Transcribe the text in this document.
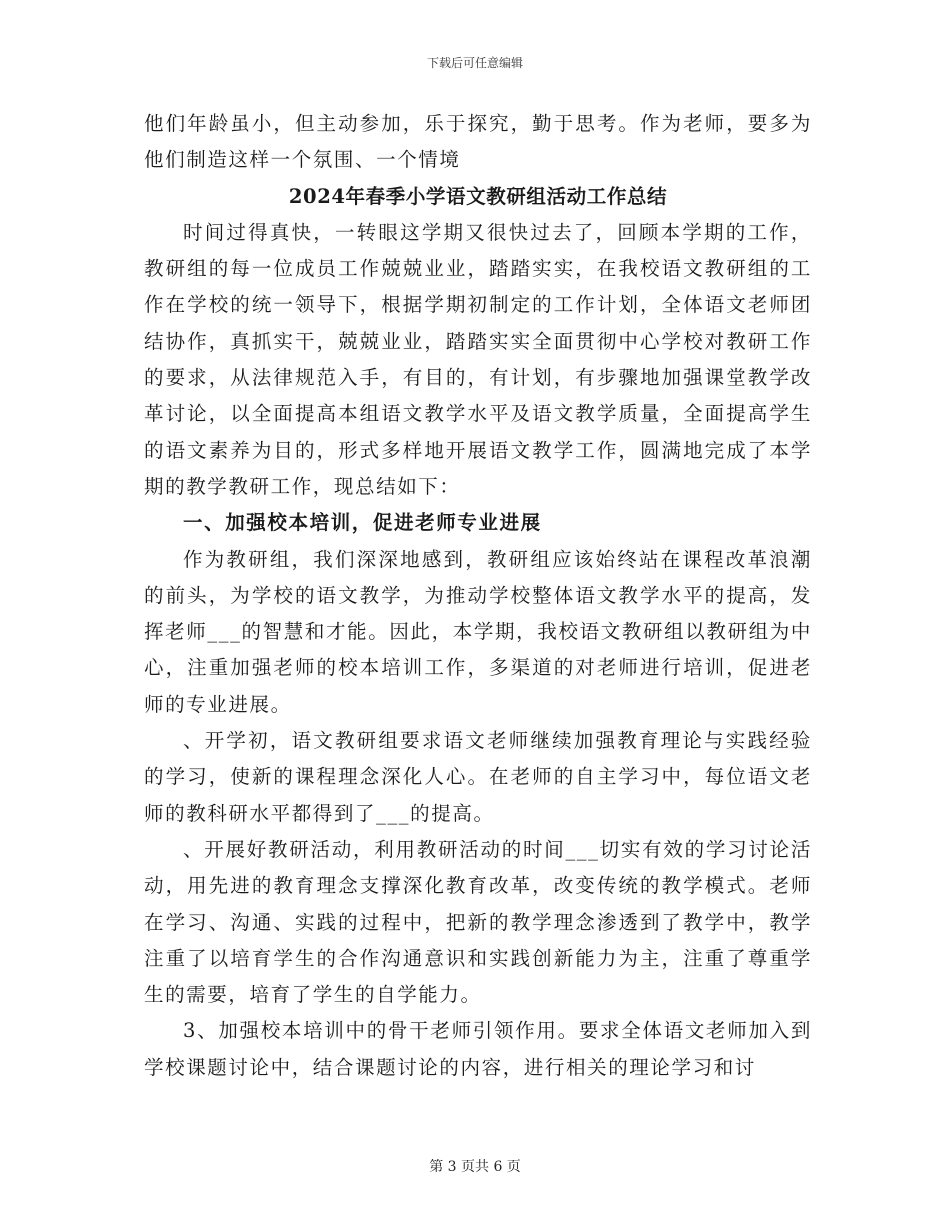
下载后可任意编辑

他们年龄虽小，但主动参加，乐于探究，勤于思考。作为老师，要多为他们制造这样一个氛围、一个情境

2024年春季小学语文教研组活动工作总结

时间过得真快，一转眼这学期又很快过去了，回顾本学期的工作，教研组的每一位成员工作兢兢业业，踏踏实实，在我校语文教研组的工作在学校的统一领导下，根据学期初制定的工作计划，全体语文老师团结协作，真抓实干，兢兢业业，踏踏实实全面贯彻中心学校对教研工作的要求，从法律规范入手，有目的，有计划，有步骤地加强课堂教学改革讨论，以全面提高本组语文教学水平及语文教学质量，全面提高学生的语文素养为目的，形式多样地开展语文教学工作，圆满地完成了本学期的教学教研工作，现总结如下：

一、加强校本培训，促进老师专业进展

作为教研组，我们深深地感到，教研组应该始终站在课程改革浪潮的前头，为学校的语文教学，为推动学校整体语文教学水平的提高，发挥老师___的智慧和才能。因此，本学期，我校语文教研组以教研组为中心，注重加强老师的校本培训工作，多渠道的对老师进行培训，促进老师的专业进展。

、开学初，语文教研组要求语文老师继续加强教育理论与实践经验的学习，使新的课程理念深化人心。在老师的自主学习中，每位语文老师的教科研水平都得到了___的提高。

、开展好教研活动，利用教研活动的时间___切实有效的学习讨论活动，用先进的教育理念支撑深化教育改革，改变传统的教学模式。老师在学习、沟通、实践的过程中，把新的教学理念渗透到了教学中，教学注重了以培育学生的合作沟通意识和实践创新能力为主，注重了尊重学生的需要，培育了学生的自学能力。

3、加强校本培训中的骨干老师引领作用。要求全体语文老师加入到学校课题讨论中，结合课题讨论的内容，进行相关的理论学习和讨

第 3 页共 6 页
